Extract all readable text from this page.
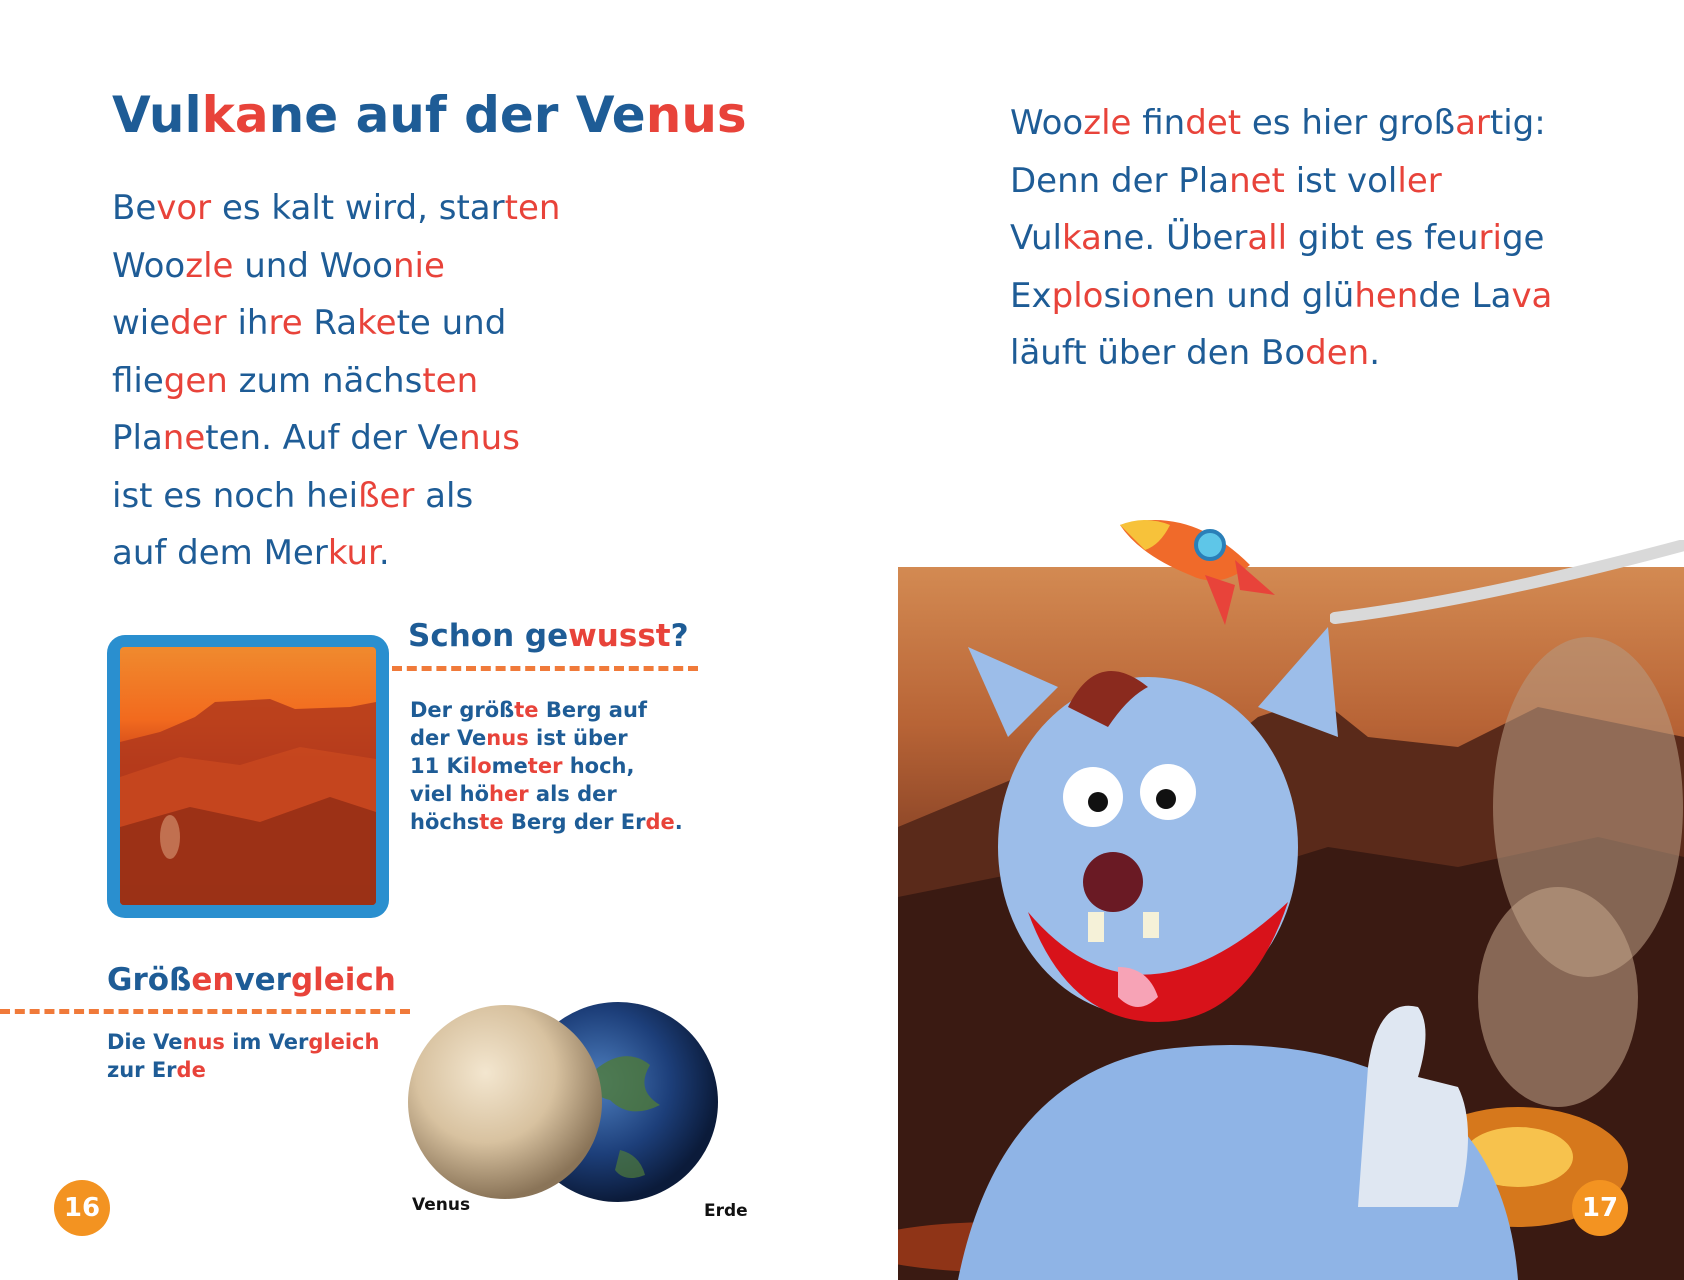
Vulkane auf der Venus
Bevor es kalt wird, starten
Woozle und Woonie
wieder ihre Rakete und
fliegen zum nächsten
Planeten. Auf der Venus
ist es noch heißer als
auf dem Merkur.
Schon gewusst?
Der größte Berg auf
der Venus ist über
11 Kilometer hoch,
viel höher als der
höchste Berg der Erde.
Größenvergleich
Die Venus im Vergleich
zur Erde
Venus	Erde
16
Woozle findet es hier großartig:
Denn der Planet ist voller
Vulkane. Überall gibt es feurige
Explosionen und glühende Lava
läuft über den Boden.
17
